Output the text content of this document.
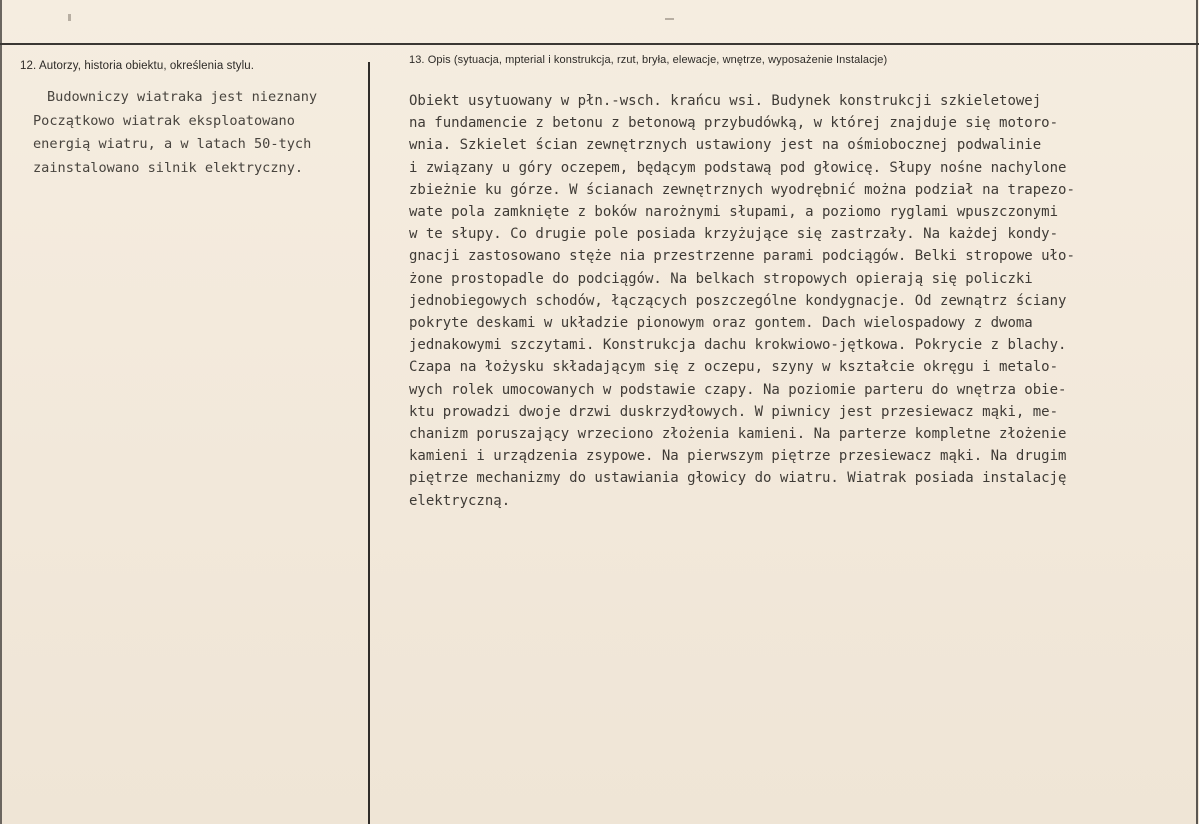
12. Autorzy, historia obiektu, określenia stylu.	13. Opis (sytuacja, mpterial i konstrukcja, rzut, bryła, elewacje, wnętrze, wyposażenie Instalacje)
Budowniczy wiatraka jest nieznany
Początkowo wiatrak eksploatowano
energią wiatru, a w latach 50-tych
zainstalowano silnik elektryczny.
Obiekt usytuowany w płn.-wsch. krańcu wsi. Budynek konstrukcji szkieletowej
na fundamencie z betonu z betonową przybudówką, w której znajduje się motoro-
wnia. Szkielet ścian zewnętrznych ustawiony jest na ośmiobocznej podwalinie
i związany u góry oczepem, będącym podstawą pod głowicę. Słupy nośne nachylone
zbieżnie ku górze. W ścianach zewnętrznych wyodrębnić można podział na trapezo-
wate pola zamknięte z boków narożnymi słupami, a poziomo ryglami wpuszczonymi
w te słupy. Co drugie pole posiada krzyżujące się zastrzały. Na każdej kondy-
gnacji zastosowano stęże nia przestrzenne parami podciągów. Belki stropowe uło-
żone prostopadle do podciągów. Na belkach stropowych opierają się policzki
jednobiegowych schodów, łączących poszczególne kondygnacje. Od zewnątrz ściany
pokryte deskami w układzie pionowym oraz gontem. Dach wielospadowy z dwoma
jednakowymi szczytami. Konstrukcja dachu krokwiowo-jętkowa. Pokrycie z blachy.
Czapa na łożysku składającym się z oczepu, szyny w kształcie okręgu i metalo-
wych rolek umocowanych w podstawie czapy. Na poziomie parteru do wnętrza obie-
ktu prowadzi dwoje drzwi duskrzydłowych. W piwnicy jest przesiewacz mąki, me-
chanizm poruszający wrzeciono złożenia kamieni. Na parterze kompletne złożenie
kamieni i urządzenia zsypowe. Na pierwszym piętrze przesiewacz mąki. Na drugim
piętrze mechanizmy do ustawiania głowicy do wiatru. Wiatrak posiada instalację
elektryczną.
